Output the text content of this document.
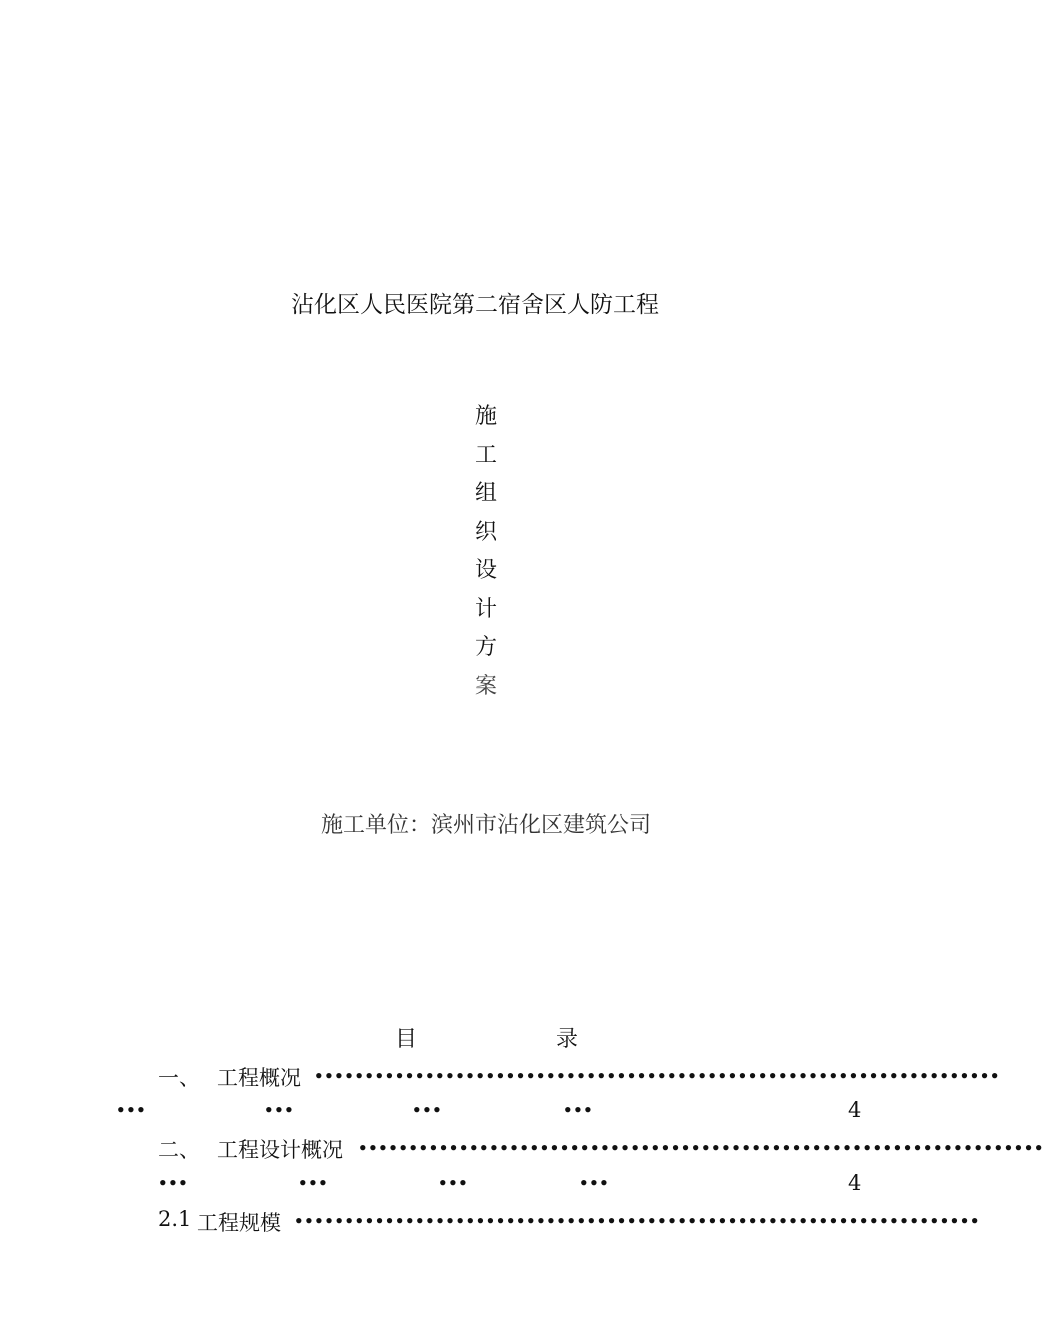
沾化区人民医院第二宿舍区人防工程
施
工
组
织
设
计
方
案
施工单位：滨州市沾化区建筑公司
目	录
一、 工程概况 ••••••••••••••••••••••••••••••••••••••••••••••••••••••••••••••••••••
•••	•••	•••	•••	4
二、 工程设计概况 ••••••••••••••••••••••••••••••••••••••••••••••••••••••••••••••••••••
•••	•••	•••	•••	4
2.1 工程规模 ••••••••••••••••••••••••••••••••••••••••••••••••••••••••••••••••••••
